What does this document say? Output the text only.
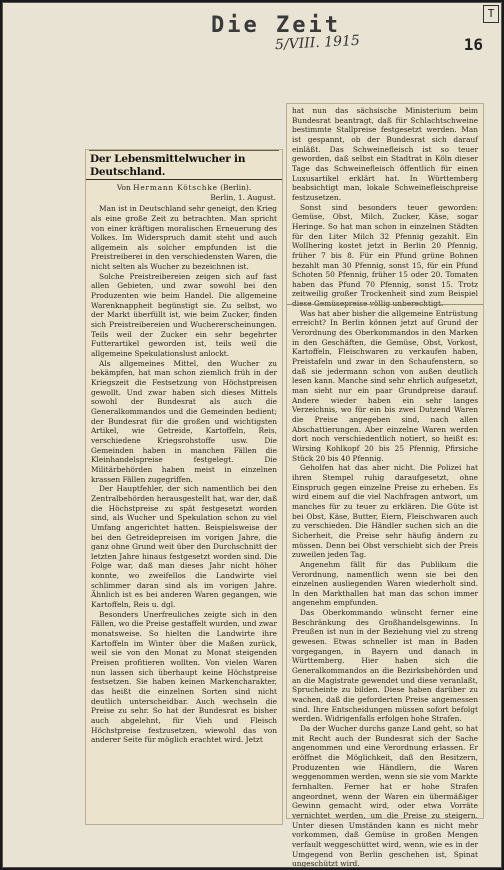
T
Die Zeit
5/VIII. 1915	16
Der Lebensmittelwucher in Deutschland.
Von Hermann Kötschke (Berlin).
Berlin, 1. August.

Man ist in Deutschland sehr geneigt, den Krieg als eine große Zeit zu betrachten. Man spricht von einer kräftigen moralischen Erneuerung des Volkes. Im Widerspruch damit steht und auch allgemein als solcher empfunden ist die Preistreiberei in den verschiedensten Waren, die nicht selten als Wucher zu bezeichnen ist.

Solche Preistreibereien zeigen sich auf fast allen Gebieten, und zwar sowohl bei den Produzenten wie beim Handel. Die allgemeine Warenknappheit begünstigt sie. Zu selbst, wo der Markt überfüllt ist, wie beim Zucker, finden sich Preistreibereien und Wuchererscheinungen. Teils weil der Zucker ein sehr begehrter Futterartikel geworden ist, teils weil die allgemeine Spekulationslust anlockt.

Als allgemeines Mittel, den Wucher zu bekämpfen, hat man schon ziemlich früh in der Kriegszeit die Festsetzung von Höchstpreisen gewollt. Und zwar haben sich dieses Mittels sowohl der Bundesrat als auch die Generalkommandos und die Gemeinden bedient; der Bundesrat für die großen und wichtigsten Artikel, wie Getreide, Kartoffeln, Reis, verschiedene Kriegsrohstoffe usw. Die Gemeinden haben in manchen Fällen die Kleinhandelspreise festgelegt. Die Militärbehörden haben meist in einzelnen krassen Fällen zugegriffen.

Der Hauptfehler, der sich namentlich bei den Zentralbehörden herausgestellt hat, war der, daß die Höchstpreise zu spät festgesetzt worden sind, als Wucher und Spekulation schon zu viel Umfang angerichtet hatten. Beispielsweise der bei den Getreidepreisen im vorigen Jahre, die ganz ohne Grund weit über den Durchschnitt der letzten Jahre hinaus festgesetzt worden sind. Die Folge war, daß man dieses Jahr nicht höher konnte, wo zweifellos die Landwirte viel schlimmer daran sind als im vorigen Jahre. Ähnlich ist es bei anderen Waren gegangen, wie Kartoffeln, Reis u. dgl.

Besonders Unerfreuliches zeigte sich in den Fällen, wo die Preise gestaffelt wurden, und zwar monatsweise. So hielten die Landwirte ihre Kartoffeln im Winter über die Maßen zurück, weil sie von den Monat zu Monat steigenden Preisen profitieren wollten. Von vielen Waren nun lassen sich überhaupt keine Höchstpreise festsetzen. Sie haben keinen Markencharakter, das heißt die einzelnen Sorten sind nicht deutlich unterscheidbar. Auch wechseln die Preise zu sehr. So hat der Bundesrat es bisher auch abgelehnt, für Vieh und Fleisch Höchstpreise festzusetzen, wiewohl das von anderer Seite für möglich erachtet wird. Jetzt

hat nun das sächsische Ministerium beim Bundesrat beantragt, daß für Schlachtschweine bestimmte Stallpreise festgesetzt werden. Man ist gespannt, ob der Bundesrat sich darauf einläßt. Das Schweinefleisch ist so teuer geworden, daß selbst ein Stadtrat in Köln dieser Tage das Schweinefleisch öffentlich für einen Luxusartikel erklärt hat. In Württemberg beabsichtigt man, lokale Schweinefleischpreise festzusetzen.

Sonst sind besonders teuer geworden: Gemüse, Obst, Milch, Zucker, Käse, sogar Heringe. So hat man schon in einzelnen Städten für den Liter Milch 32 Pfennig gezahlt. Ein Wollhering kostet jetzt in Berlin 20 Pfennig, früher 7 bis 8. Für ein Pfund grüne Bohnen bezahlt man 30 Pfennig, sonst 15, für ein Pfund Schoten 50 Pfennig, früher 15 oder 20. Tomaten haben das Pfund 70 Pfennig, sonst 15. Trotz zeitweilig großer Trockenheit sind zum Beispiel

Was hat aber bisher die allgemeine Entrüstung erreicht? In Berlin können jetzt auf Grund der Verordnung des Oberkommandos in den Marken in den Geschäften, die Gemüse, Obst, Vorkost, Kartoffeln, Fleischwaren zu verkaufen haben, Preistafeln und zwar in den Schaufenstern, so daß sie jedermann schon von außen deutlich lesen kann. Manche sind sehr ehrlich aufgesetzt, man sieht nur ein paar Grundpreise darauf. Andere wieder haben ein sehr langes Verzeichnis, wo für ein bis zwei Dutzend Waren die Preise angegeben sind, nach allen Abschattierungen. Aber einzelne Waren werden dort noch verschiedentlich notiert, so heißt es: Wirsing Kohlkopf 20 bis 25 Pfennig, Pfirsiche Stück 20 bis 40 Pfennig.

Geholfen hat das aber nicht. Die Polizei hat ihren Stempel ruhig daraufgesetzt, ohne Einspruch gegen einzelne Preise zu erheben. Es wird einem auf die viel Nachfragen antwort, um manches für zu teuer zu erklären. Die Güte ist bei Obst, Käse, Butter, Eiern, Fleischwaren auch zu verschieden. Die Händler suchen sich an die Sicherheit, die Preise sehr häufig ändern zu müssen. Denn bei Obst verschiebt sich der Preis zuweilen jeden Tag.

Angenehm fällt für das Publikum die Verordnung, namentlich wenn sie bei den einzelnen ausliegenden Waren wiederholt sind. In den Markthallen hat man das schon immer angenehm empfunden.

Das Oberkommando wünscht ferner eine Beschränkung des Großhandelsgewinns. In Preußen ist nun in der Beziehung viel zu streng gewesen. Etwas schneller ist man in Baden vorgegangen, in Bayern und danach in Württemberg. Hier haben sich die Generalkommandos an die Bezirksbehörden und an die Magistrate gewendet und diese veranlaßt, Sprucheinte zu bilden. Diese haben darüber zu wachen, daß die geforderten Preise angemessen sind. Ihre Entscheidungen müssen sofort befolgt werden. Widrigenfalls erfolgen hohe Strafen.

Da der Wucher durchs ganze Land geht, so hat mit Recht auch der Bundesrat sich der Sache angenommen und eine Verordnung erlassen. Er eröffnet die Möglichkeit, daß den Besitzern, Produzenten wie Händlern, die Waren weggenommen werden, wenn sie sie vom Markte fernhalten. Ferner hat er hohe Strafen angeordnet, wenn der Waren ein übermäßiger Gewinn gemacht wird, oder etwa Vorräte vernichtet werden, um die Preise zu steigern. Unter diesen Umständen kann es nicht mehr vorkommen, daß Gemüse in großen Mengen verfault weggeschüttet wird, wenn, wie es in der Umgegend von Berlin geschehen ist, Spinat ungeschützt wird.
